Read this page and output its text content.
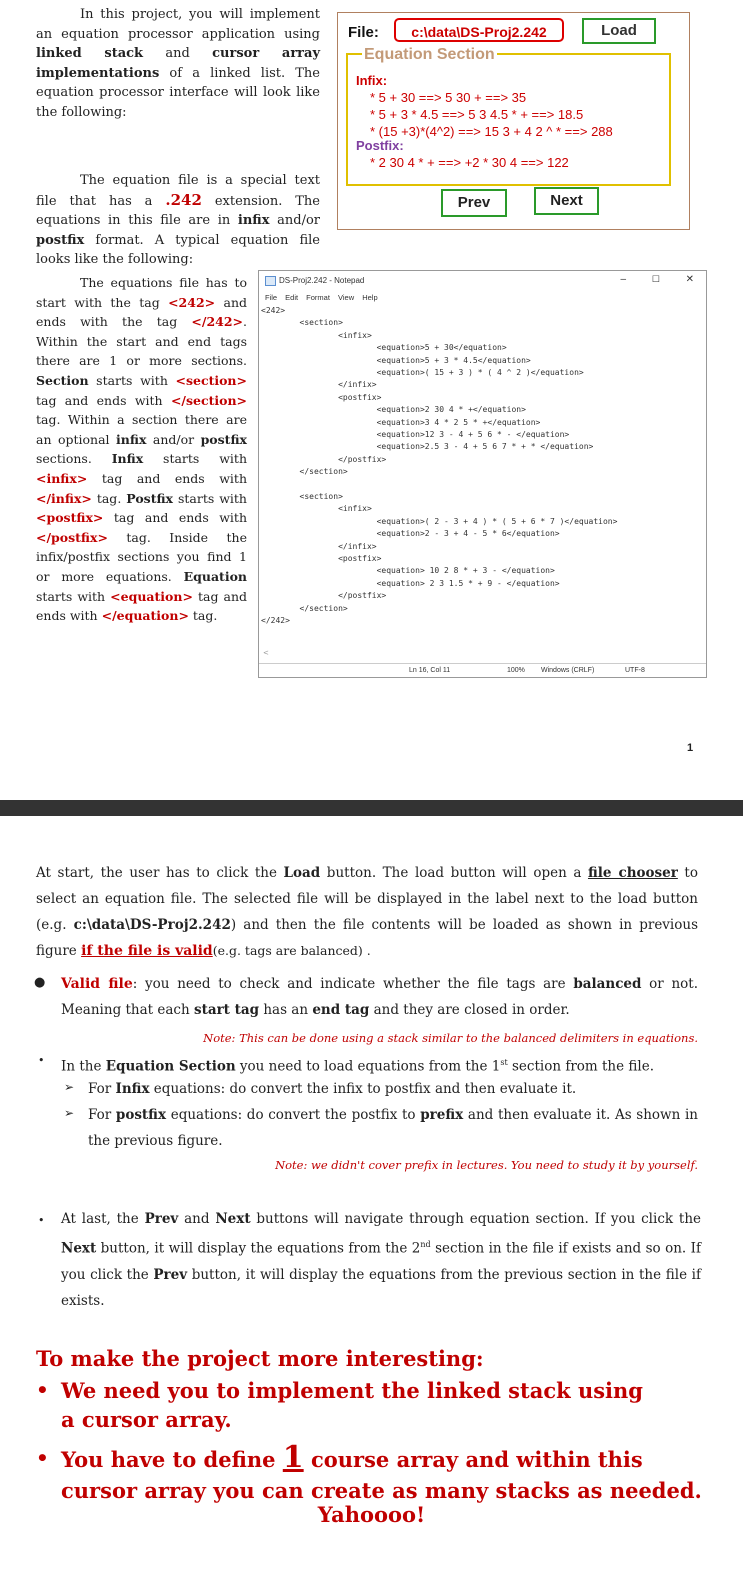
In this project, you will implement an equation processor application using linked stack and cursor array implementations of a linked list. The equation processor interface will look like the following:

The equation file is a special text file that has a .242 extension. The equations in this file are in infix and/or postfix format. A typical equation file looks like the following:

The equations file has to start with the tag <242> and ends with the tag </242>. Within the start and end tags there are 1 or more sections. Section starts with <section> tag and ends with </section> tag. Within a section there are an optional infix and/or postfix sections. Infix starts with <infix> tag and ends with </infix> tag. Postfix starts with <postfix> tag and ends with </postfix> tag. Inside the infix/postfix sections you find 1 or more equations. Equation starts with <equation> tag and ends with </equation> tag.

File:	c:\data\DS-Proj2.242	Load
Equation Section
Infix:
* 5 + 30 ==> 5 30 + ==> 35
* 5 + 3 * 4.5 ==> 5 3 4.5 * + ==> 18.5
* (15 +3)*(4^2) ==> 15 3 + 4 2 ^ * ==> 288
Postfix:
* 2 30 4 * + ==> +2 * 30 4 ==> 122
Prev	Next
DS-Proj2.242 - Notepad	–	☐	✕
File Edit Format View Help
<242>
<section>
<infix>
<equation>5 + 30</equation>
<equation>5 + 3 * 4.5</equation>
<equation>( 15 + 3 ) * ( 4 ^ 2 )</equation>
</infix>
<postfix>
<equation>2 30 4 * +</equation>
<equation>3 4 * 2 5 * +</equation>
<equation>12 3 - 4 + 5 6 * - </equation>
<equation>2.5 3 - 4 + 5 6 7 * + * </equation>
</postfix>
</section>
<section>
<infix>
<equation>( 2 - 3 + 4 ) * ( 5 + 6 * 7 )</equation>
<equation>2 - 3 + 4 - 5 * 6</equation>
</infix>
<postfix>
<equation> 10 2 8 * + 3 - </equation>
<equation> 2 3 1.5 * + 9 - </equation>
</postfix>
</section>
</242>
<
Ln 16, Col 11	100% Windows (CRLF)	UTF-8
1

At start, the user has to click the Load button. The load button will open a file chooser to select an equation file. The selected file will be displayed in the label next to the load button (e.g. c:\data\DS-Proj2.242) and then the file contents will be loaded as shown in previous figure if the file is valid(e.g. tags are balanced) .

● Valid file: you need to check and indicate whether the file tags are balanced or not. Meaning that each start tag has an end tag and they are closed in order.
Note: This can be done using a stack similar to the balanced delimiters in equations.
• In the Equation Section you need to load equations from the 1st section from the file.
➢ For Infix equations: do convert the infix to postfix and then evaluate it.
➢ For postfix equations: do convert the postfix to prefix and then evaluate it. As shown in the previous figure.
Note: we didn't cover prefix in lectures. You need to study it by yourself.
• At last, the Prev and Next buttons will navigate through equation section. If you click the Next button, it will display the equations from the 2nd section in the file if exists and so on. If you click the Prev button, it will display the equations from the previous section in the file if exists.
To make the project more interesting:
• We need you to implement the linked stack using a cursor array.
• You have to define 1 course array and within this cursor array you can create as many stacks as needed.
Yahoooo!
